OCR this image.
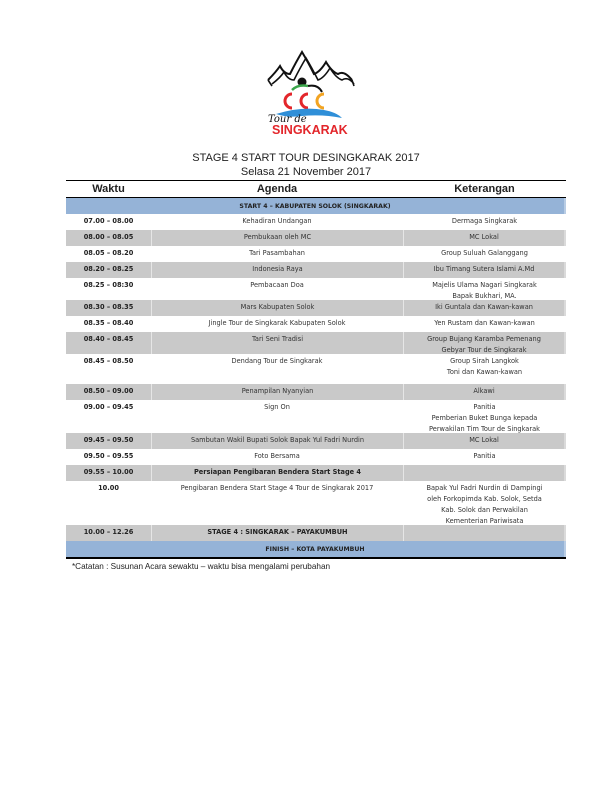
Tour de
SINGKARAK
STAGE 4 START TOUR DESINGKARAK 2017
Selasa 21 November 2017
Waktu	Agenda	Keterangan
START 4 – KABUPATEN SOLOK (SINGKARAK)
07.00 – 08.00	Kehadiran Undangan	Dermaga Singkarak
08.00 – 08.05	Pembukaan oleh MC	MC Lokal
08.05 – 08.20	Tari Pasambahan	Group Suluah Galanggang
08.20 – 08.25	Indonesia Raya	Ibu Timang Sutera Islami A.Md
08.25 – 08:30	Pembacaan Doa	Majelis Ulama Nagari Singkarak
Bapak Bukhari, MA.
08.30 – 08.35	Mars Kabupaten Solok	Iki Guntala dan Kawan-kawan
08.35 – 08.40	Jingle Tour de Singkarak Kabupaten Solok	Yen Rustam dan Kawan-kawan
08.40 – 08.45	Tari Seni Tradisi	Group Bujang Karamba Pemenang
Gebyar Tour de Singkarak
08.45 – 08.50	Dendang Tour de Singkarak	Group Sirah Langkok
Toni dan Kawan-kawan
08.50 – 09.00	Penampilan Nyanyian	Alkawi
09.00 – 09.45	Sign On	Panitia
Pemberian Buket Bunga kepada
Perwakilan Tim Tour de Singkarak
09.45 – 09.50	Sambutan Wakil Bupati Solok Bapak Yul Fadri Nurdin	MC Lokal
09.50 – 09.55	Foto Bersama	Panitia
09.55 – 10.00	Persiapan Pengibaran Bendera Start Stage 4
10.00	Pengibaran Bendera Start Stage 4 Tour de Singkarak 2017	Bapak Yul Fadri Nurdin di Dampingi
oleh Forkopimda Kab. Solok, Setda
Kab. Solok dan Perwakilan
Kementerian Pariwisata
10.00 – 12.26	STAGE 4 : SINGKARAK – PAYAKUMBUH
FINISH – KOTA PAYAKUMBUH
*Catatan : Susunan Acara sewaktu – waktu bisa mengalami perubahan
